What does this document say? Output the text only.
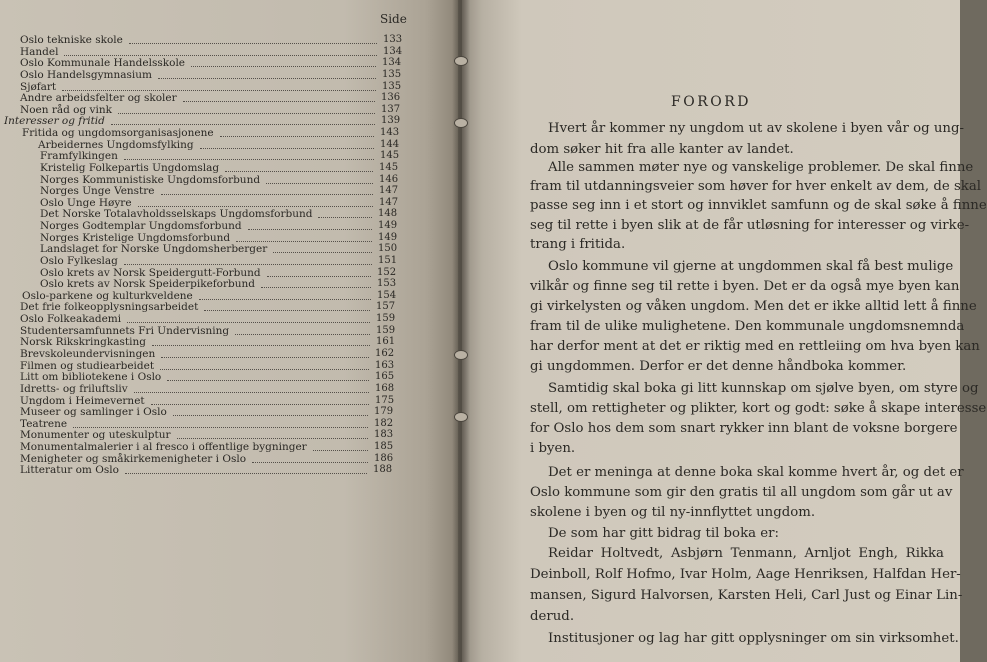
Side
Oslo tekniske skole	133
Handel	134
Oslo Kommunale Handelsskole	134
Oslo Handelsgymnasium	135
Sjøfart	135
Andre arbeidsfelter og skoler	136
Noen råd og vink	137
Interesser og fritid	139
Fritida og ungdomsorganisasjonene	143
Arbeidernes Ungdomsfylking	144
Framfylkingen	145
Kristelig Folkepartis Ungdomslag	145
Norges Kommunistiske Ungdomsforbund	146
Norges Unge Venstre	147
Oslo Unge Høyre	147
Det Norske Totalavholdsselskaps Ungdomsforbund	148
Norges Godtemplar Ungdomsforbund	149
Norges Kristelige Ungdomsforbund	149
Landslaget for Norske Ungdomsherberger	150
Oslo Fylkeslag	151
Oslo krets av Norsk Speidergutt-Forbund	152
Oslo krets av Norsk Speiderpikeforbund	153
Oslo-parkene og kulturkveldene	154
Det frie folkeopplysningsarbeidet	157
Oslo Folkeakademi	159
Studentersamfunnets Fri Undervisning	159
Norsk Rikskringkasting	161
Brevskoleundervisningen	162
Filmen og studiearbeidet	163
Litt om bibliotekene i Oslo	165
Idretts- og friluftsliv	168
Ungdom i Heimevernet	175
Museer og samlinger i Oslo	179
Teatrene	182
Monumenter og uteskulptur	183
Monumentalmalerier i al fresco i offentlige bygninger	185
Menigheter og småkirkemenigheter i Oslo	186
Litteratur om Oslo	188
FORORD
Hvert år kommer ny ungdom ut av skolene i byen vår og ung-
dom søker hit fra alle kanter av landet.
Alle sammen møter nye og vanskelige problemer. De skal finne
fram til utdanningsveier som høver for hver enkelt av dem, de skal
passe seg inn i et stort og innviklet samfunn og de skal søke å finne
seg til rette i byen slik at de får utløsning for interesser og virke-
trang i fritida.
Oslo kommune vil gjerne at ungdommen skal få best mulige
vilkår og finne seg til rette i byen. Det er da også mye byen kan
gi virkelysten og våken ungdom. Men det er ikke alltid lett å finne
fram til de ulike mulighetene. Den kommunale ungdomsnemnda
har derfor ment at det er riktig med en rettleiing om hva byen kan
gi ungdommen. Derfor er det denne håndboka kommer.
Samtidig skal boka gi litt kunnskap om sjølve byen, om styre og
stell, om rettigheter og plikter, kort og godt: søke å skape interesse
for Oslo hos dem som snart rykker inn blant de voksne borgere
i byen.
Det er meninga at denne boka skal komme hvert år, og det er
Oslo kommune som gir den gratis til all ungdom som går ut av
skolene i byen og til ny-innflyttet ungdom.
De som har gitt bidrag til boka er:
Reidar Holtvedt, Asbjørn Tenmann, Arnljot Engh, Rikka
Deinboll, Rolf Hofmo, Ivar Holm, Aage Henriksen, Halfdan Her-
mansen, Sigurd Halvorsen, Karsten Heli, Carl Just og Einar Lin-
derud.
Institusjoner og lag har gitt opplysninger om sin virksomhet.
